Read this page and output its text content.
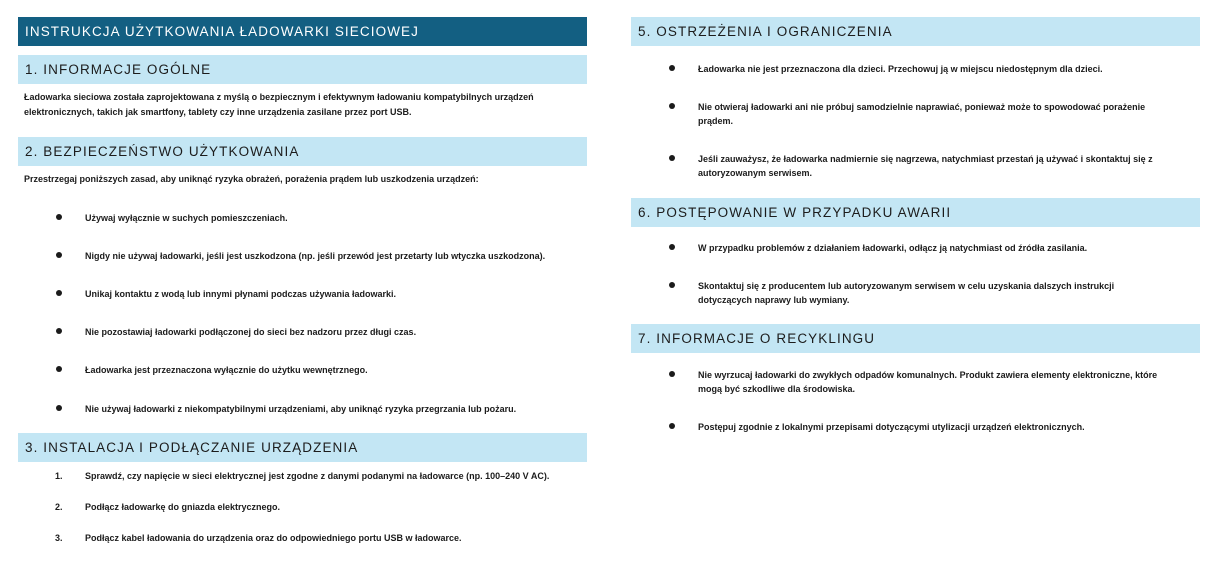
INSTRUKCJA UŻYTKOWANIA ŁADOWARKI SIECIOWEJ
1. INFORMACJE OGÓLNE
Ładowarka sieciowa została zaprojektowana z myślą o bezpiecznym i efektywnym ładowaniu kompatybilnych urządzeń
elektronicznych, takich jak smartfony, tablety czy inne urządzenia zasilane przez port USB.
2. BEZPIECZEŃSTWO UŻYTKOWANIA
Przestrzegaj poniższych zasad, aby uniknąć ryzyka obrażeń, porażenia prądem lub uszkodzenia urządzeń:
Używaj wyłącznie w suchych pomieszczeniach.
Nigdy nie używaj ładowarki, jeśli jest uszkodzona (np. jeśli przewód jest przetarty lub wtyczka uszkodzona).
Unikaj kontaktu z wodą lub innymi płynami podczas używania ładowarki.
Nie pozostawiaj ładowarki podłączonej do sieci bez nadzoru przez długi czas.
Ładowarka jest przeznaczona wyłącznie do użytku wewnętrznego.
Nie używaj ładowarki z niekompatybilnymi urządzeniami, aby uniknąć ryzyka przegrzania lub pożaru.
3. INSTALACJA I PODŁĄCZANIE URZĄDZENIA
1. Sprawdź, czy napięcie w sieci elektrycznej jest zgodne z danymi podanymi na ładowarce (np. 100–240 V AC).
2. Podłącz ładowarkę do gniazda elektrycznego.
3. Podłącz kabel ładowania do urządzenia oraz do odpowiedniego portu USB w ładowarce.
5. OSTRZEŻENIA I OGRANICZENIA
Ładowarka nie jest przeznaczona dla dzieci. Przechowuj ją w miejscu niedostępnym dla dzieci.
Nie otwieraj ładowarki ani nie próbuj samodzielnie naprawiać, ponieważ może to spowodować porażenie
prądem.
Jeśli zauważysz, że ładowarka nadmiernie się nagrzewa, natychmiast przestań ją używać i skontaktuj się z
autoryzowanym serwisem.
6. POSTĘPOWANIE W PRZYPADKU AWARII
W przypadku problemów z działaniem ładowarki, odłącz ją natychmiast od źródła zasilania.
Skontaktuj się z producentem lub autoryzowanym serwisem w celu uzyskania dalszych instrukcji
dotyczących naprawy lub wymiany.
7. INFORMACJE O RECYKLINGU
Nie wyrzucaj ładowarki do zwykłych odpadów komunalnych. Produkt zawiera elementy elektroniczne, które
mogą być szkodliwe dla środowiska.
Postępuj zgodnie z lokalnymi przepisami dotyczącymi utylizacji urządzeń elektronicznych.
